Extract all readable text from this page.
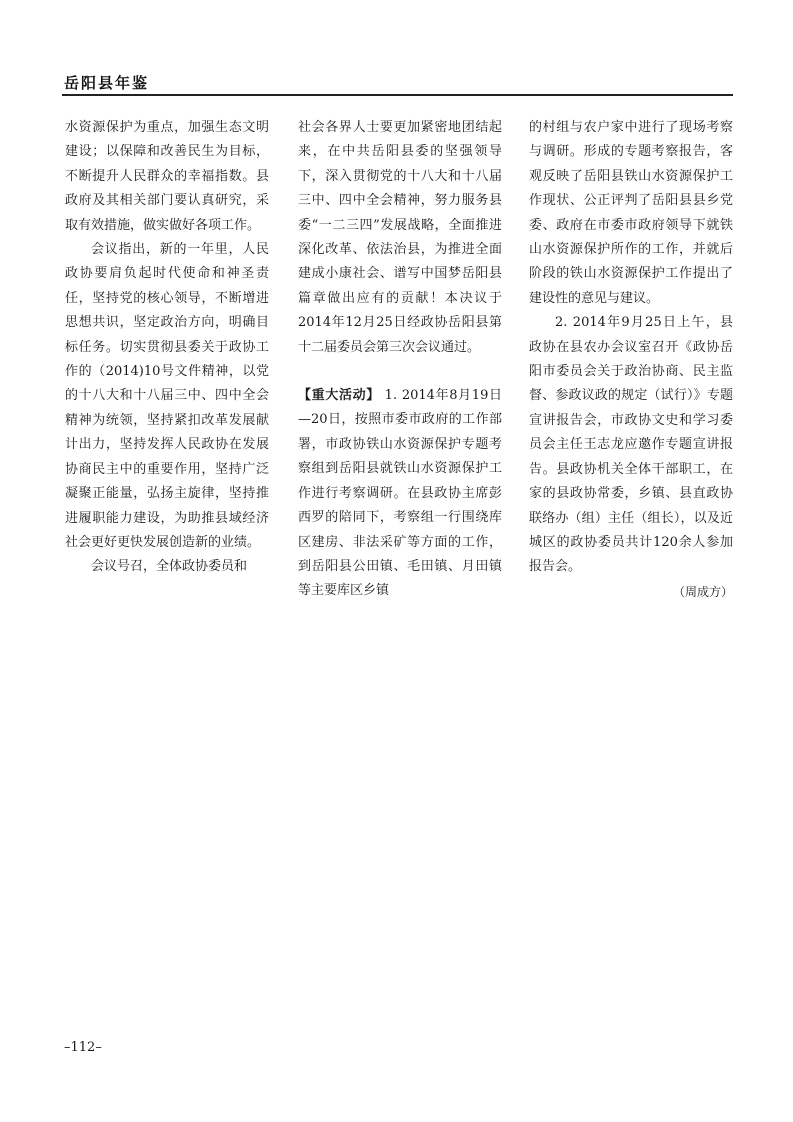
岳阳县年鉴

水资源保护为重点，加强生态文明建设；以保障和改善民生为目标，不断提升人民群众的幸福指数。县政府及其相关部门要认真研究，采取有效措施，做实做好各项工作。

会议指出，新的一年里，人民政协要肩负起时代使命和神圣责任，坚持党的核心领导，不断增进思想共识，坚定政治方向，明确目标任务。切实贯彻县委关于政协工作的（2014)10号文件精神，以党的十八大和十八届三中、四中全会精神为统领，坚持紧扣改革发展献计出力，坚持发挥人民政协在发展协商民主中的重要作用，坚持广泛凝聚正能量，弘扬主旋律，坚持推进履职能力建设，为助推县域经济社会更好更快发展创造新的业绩。

会议号召，全体政协委员和

社会各界人士要更加紧密地团结起来，在中共岳阳县委的坚强领导下，深入贯彻党的十八大和十八届三中、四中全会精神，努力服务县委“一二三四”发展战略，全面推进深化改革、依法治县，为推进全面建成小康社会、谱写中国梦岳阳县篇章做出应有的贡献！本决议于2014年12月25日经政协岳阳县第十二届委员会第三次会议通过。

【重大活动】 1. 2014年8月19日—20日，按照市委市政府的工作部署，市政协铁山水资源保护专题考察组到岳阳县就铁山水资源保护工作进行考察调研。在县政协主席彭西罗的陪同下，考察组一行围绕库区建房、非法采矿等方面的工作，到岳阳县公田镇、毛田镇、月田镇等主要库区乡镇

的村组与农户家中进行了现场考察与调研。形成的专题考察报告，客观反映了岳阳县铁山水资源保护工作现状、公正评判了岳阳县县乡党委、政府在市委市政府领导下就铁山水资源保护所作的工作，并就后阶段的铁山水资源保护工作提出了建设性的意见与建议。

2. 2014年9月25日上午，县政协在县农办会议室召开《政协岳阳市委员会关于政治协商、民主监督、参政议政的规定（试行）》专题宣讲报告会，市政协文史和学习委员会主任王志龙应邀作专题宣讲报告。县政协机关全体干部职工，在家的县政协常委，乡镇、县直政协联络办（组）主任（组长），以及近城区的政协委员共计120余人参加报告会。

（周成方）

–112–
